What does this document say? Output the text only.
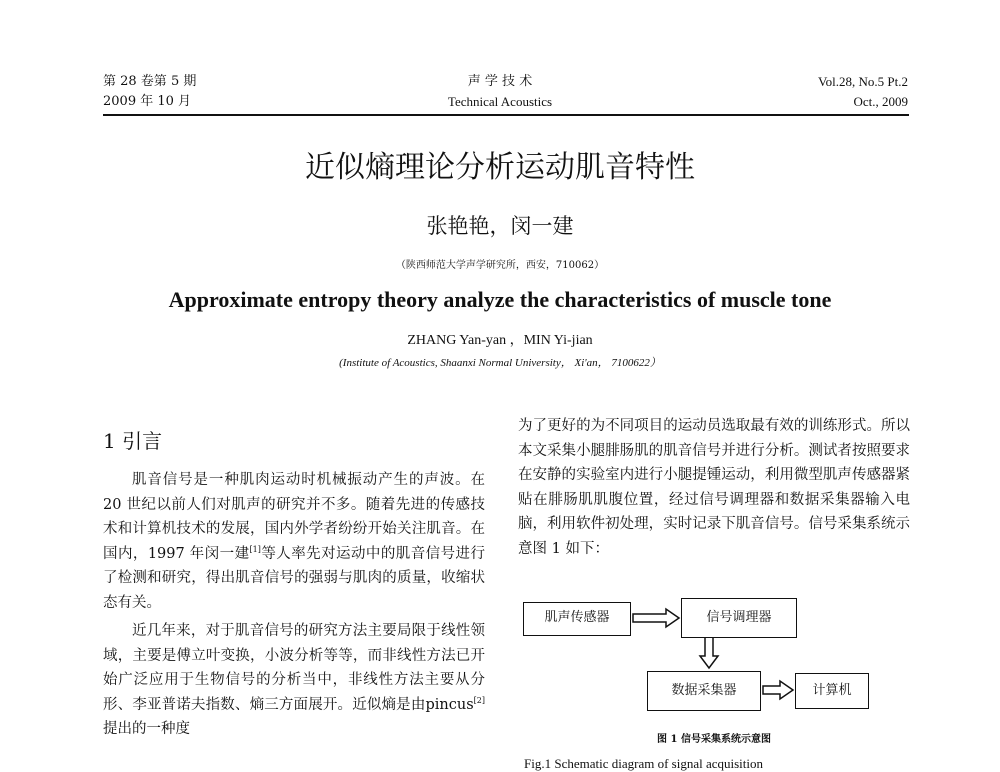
第 28 卷第 5 期
2009 年 10 月
声 学 技 术
Technical Acoustics
Vol.28, No.5 Pt.2
Oct., 2009
近似熵理论分析运动肌音特性
张艳艳，闵一建
（陕西师范大学声学研究所，西安，710062）
Approximate entropy theory analyze the characteristics of muscle tone
ZHANG Yan-yan ，MIN Yi-jian
(Institute of Acoustics, Shaanxi Normal University， Xi'an， 7100622）
1 引言

肌音信号是一种肌肉运动时机械振动产生的声波。在 20 世纪以前人们对肌声的研究并不多。随着先进的传感技术和计算机技术的发展，国内外学者纷纷开始关注肌音。在国内，1997 年闵一建[1]等人率先对运动中的肌音信号进行了检测和研究，得出肌音信号的强弱与肌肉的质量，收缩状态有关。

近几年来，对于肌音信号的研究方法主要局限于线性领域，主要是傅立叶变换，小波分析等等，而非线性方法已开始广泛应用于生物信号的分析当中，非线性方法主要从分形、李亚普诺夫指数、熵三方面展开。近似熵是由pincus[2]提出的一种度

为了更好的为不同项目的运动员选取最有效的训练形式。所以本文采集小腿腓肠肌的肌音信号并进行分析。测试者按照要求在安静的实验室内进行小腿提锺运动，利用微型肌声传感器紧贴在腓肠肌肌腹位置，经过信号调理器和数据采集器输入电脑，利用软件初处理，实时记录下肌音信号。信号采集系统示意图 1 如下：

肌声传感器	信号调理器
数据采集器	计算机
图 1 信号采集系统示意图
Fig.1 Schematic diagram of signal acquisition
